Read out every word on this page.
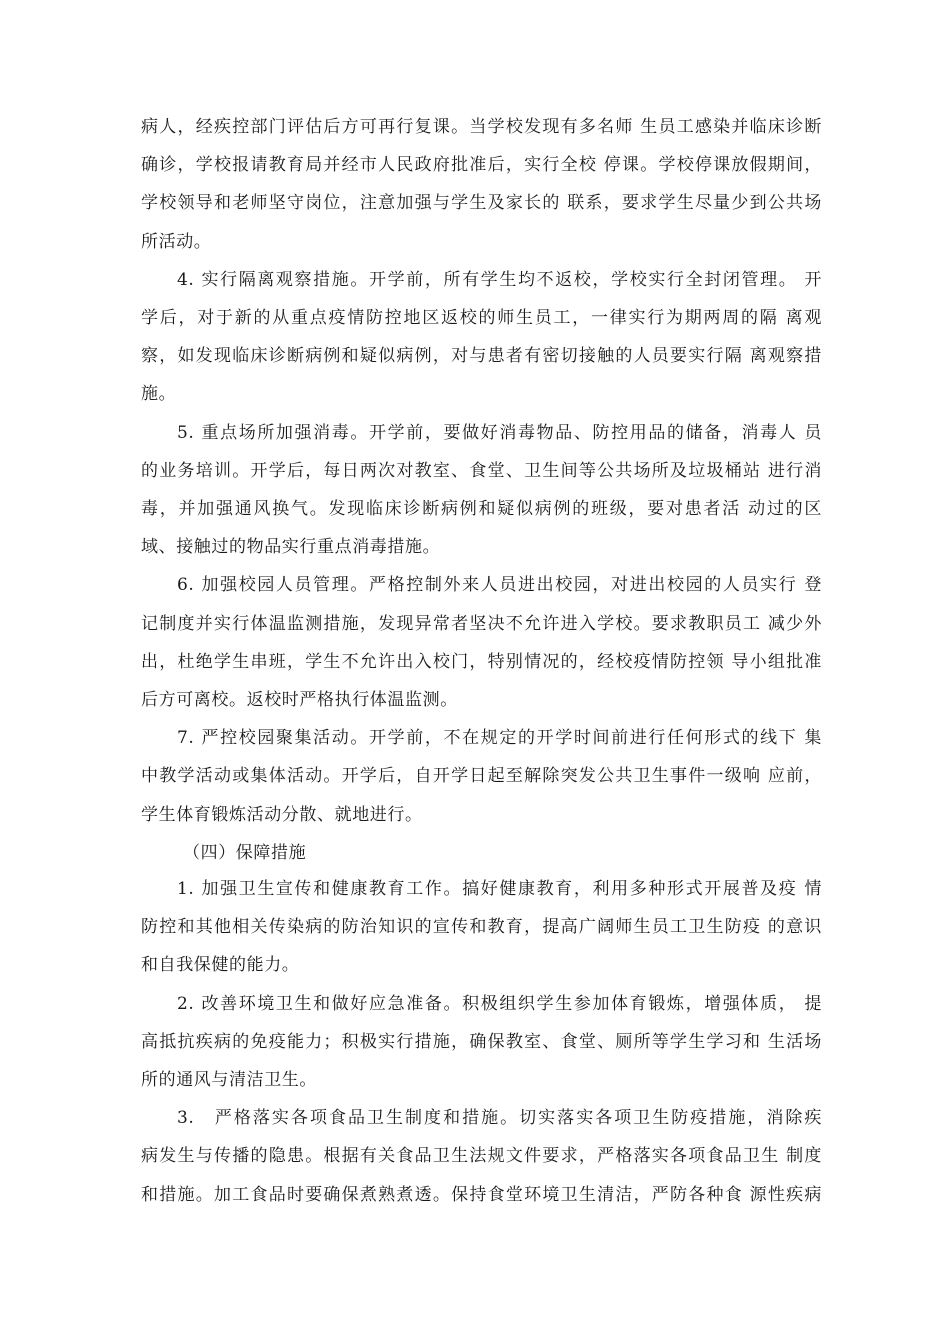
病人，经疾控部门评估后方可再行复课。当学校发现有多名师 生员工感染并临床诊断

确诊，学校报请教育局并经市人民政府批准后，实行全校 停课。学校停课放假期间，

学校领导和老师坚守岗位，注意加强与学生及家长的 联系，要求学生尽量少到公共场

所活动。

4. 实行隔离观察措施。开学前，所有学生均不返校，学校实行全封闭管理。 开

学后，对于新的从重点疫情防控地区返校的师生员工，一律实行为期两周的隔 离观

察，如发现临床诊断病例和疑似病例，对与患者有密切接触的人员要实行隔 离观察措

施。

5. 重点场所加强消毒。开学前，要做好消毒物品、防控用品的储备，消毒人 员

的业务培训。开学后，每日两次对教室、食堂、卫生间等公共场所及垃圾桶站 进行消

毒，并加强通风换气。发现临床诊断病例和疑似病例的班级，要对患者活 动过的区

域、接触过的物品实行重点消毒措施。

6. 加强校园人员管理。严格控制外来人员进出校园，对进出校园的人员实行 登

记制度并实行体温监测措施，发现异常者坚决不允许进入学校。要求教职员工 减少外

出，杜绝学生串班，学生不允许出入校门，特别情况的，经校疫情防控领 导小组批准

后方可离校。返校时严格执行体温监测。

7. 严控校园聚集活动。开学前，不在规定的开学时间前进行任何形式的线下 集

中教学活动或集体活动。开学后，自开学日起至解除突发公共卫生事件一级响 应前，

学生体育锻炼活动分散、就地进行。

（四）保障措施

1. 加强卫生宣传和健康教育工作。搞好健康教育，利用多种形式开展普及疫 情

防控和其他相关传染病的防治知识的宣传和教育，提高广阔师生员工卫生防疫 的意识

和自我保健的能力。

2. 改善环境卫生和做好应急准备。积极组织学生参加体育锻炼，增强体质， 提

高抵抗疾病的免疫能力；积极实行措施，确保教室、食堂、厕所等学生学习和 生活场

所的通风与清洁卫生。

3.　严格落实各项食品卫生制度和措施。切实落实各项卫生防疫措施，消除疾

病发生与传播的隐患。根据有关食品卫生法规文件要求，严格落实各项食品卫生 制度

和措施。加工食品时要确保煮熟煮透。保持食堂环境卫生清洁，严防各种食 源性疾病
